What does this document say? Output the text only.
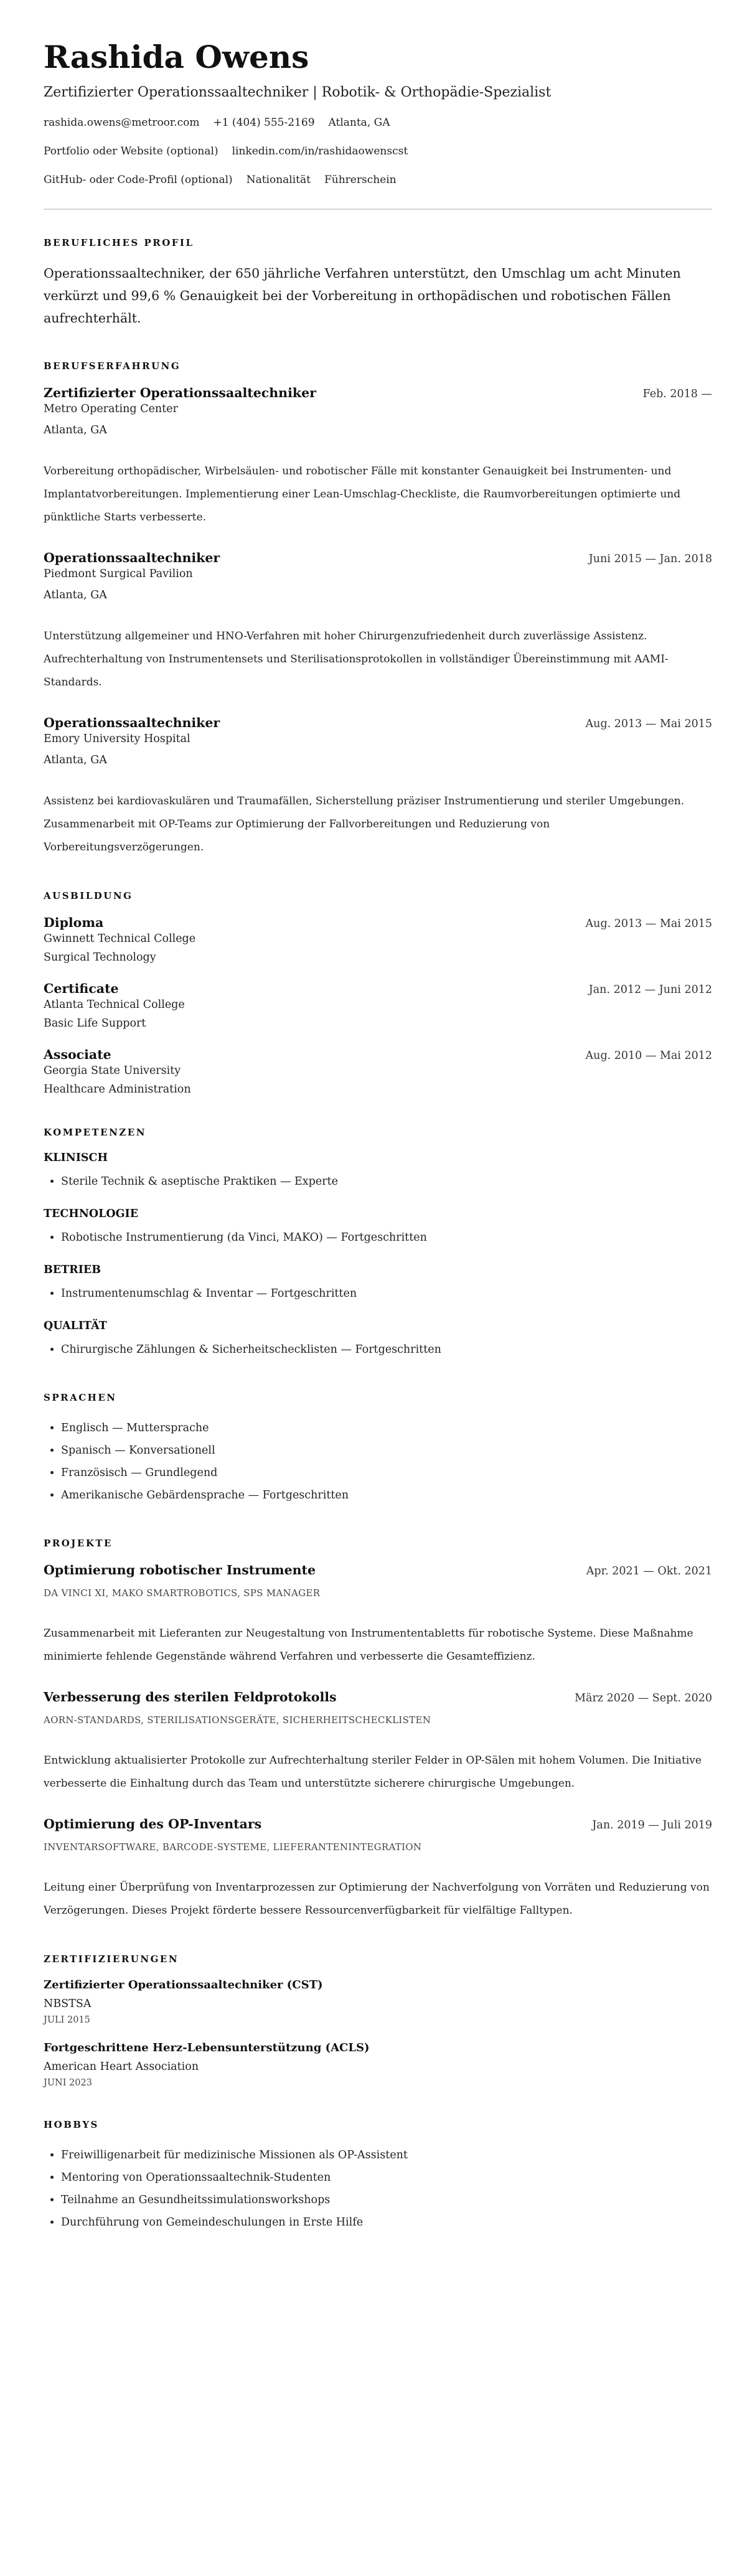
Rashida Owens
Zertifizierter Operationssaaltechniker | Robotik- & Orthopädie-Spezialist
rashida.owens@metroor.com +1 (404) 555-2169 Atlanta, GA
Portfolio oder Website (optional) linkedin.com/in/rashidaowenscst
GitHub- oder Code-Profil (optional) Nationalität Führerschein
BERUFLICHES PROFIL
Operationssaaltechniker, der 650 jährliche Verfahren unterstützt, den Umschlag um acht Minuten verkürzt und 99,6 % Genauigkeit bei der Vorbereitung in orthopädischen und robotischen Fällen aufrechterhält.
BERUFSERFAHRUNG
Zertifizierter Operationssaaltechniker	Feb. 2018 —
Metro Operating Center
Atlanta, GA
Vorbereitung orthopädischer, Wirbelsäulen- und robotischer Fälle mit konstanter Genauigkeit bei Instrumenten- und Implantatvorbereitungen. Implementierung einer Lean-Umschlag-Checkliste, die Raumvorbereitungen optimierte und pünktliche Starts verbesserte.
Operationssaaltechniker	Juni 2015 — Jan. 2018
Piedmont Surgical Pavilion
Atlanta, GA
Unterstützung allgemeiner und HNO-Verfahren mit hoher Chirurgenzufriedenheit durch zuverlässige Assistenz. Aufrechterhaltung von Instrumentensets und Sterilisationsprotokollen in vollständiger Übereinstimmung mit AAMI-Standards.
Operationssaaltechniker	Aug. 2013 — Mai 2015
Emory University Hospital
Atlanta, GA
Assistenz bei kardiovaskulären und Traumafällen, Sicherstellung präziser Instrumentierung und steriler Umgebungen. Zusammenarbeit mit OP-Teams zur Optimierung der Fallvorbereitungen und Reduzierung von Vorbereitungsverzögerungen.
AUSBILDUNG
Diploma	Aug. 2013 — Mai 2015
Gwinnett Technical College
Surgical Technology
Certificate	Jan. 2012 — Juni 2012
Atlanta Technical College
Basic Life Support
Associate	Aug. 2010 — Mai 2012
Georgia State University
Healthcare Administration
KOMPETENZEN
KLINISCH
• Sterile Technik & aseptische Praktiken — Experte
TECHNOLOGIE
• Robotische Instrumentierung (da Vinci, MAKO) — Fortgeschritten
BETRIEB
• Instrumentenumschlag & Inventar — Fortgeschritten
QUALITÄT
• Chirurgische Zählungen & Sicherheitschecklisten — Fortgeschritten
SPRACHEN
• Englisch — Muttersprache
• Spanisch — Konversationell
• Französisch — Grundlegend
• Amerikanische Gebärdensprache — Fortgeschritten
PROJEKTE
Optimierung robotischer Instrumente	Apr. 2021 — Okt. 2021
DA VINCI XI, MAKO SMARTROBOTICS, SPS MANAGER
Zusammenarbeit mit Lieferanten zur Neugestaltung von Instrumententabletts für robotische Systeme. Diese Maßnahme minimierte fehlende Gegenstände während Verfahren und verbesserte die Gesamteffizienz.
Verbesserung des sterilen Feldprotokolls	März 2020 — Sept. 2020
AORN-STANDARDS, STERILISATIONSGERÄTE, SICHERHEITSCHECKLISTEN
Entwicklung aktualisierter Protokolle zur Aufrechterhaltung steriler Felder in OP-Sälen mit hohem Volumen. Die Initiative verbesserte die Einhaltung durch das Team und unterstützte sicherere chirurgische Umgebungen.
Optimierung des OP-Inventars	Jan. 2019 — Juli 2019
INVENTARSOFTWARE, BARCODE-SYSTEME, LIEFERANTENINTEGRATION
Leitung einer Überprüfung von Inventarprozessen zur Optimierung der Nachverfolgung von Vorräten und Reduzierung von Verzögerungen. Dieses Projekt förderte bessere Ressourcenverfügbarkeit für vielfältige Falltypen.
ZERTIFIZIERUNGEN
Zertifizierter Operationssaaltechniker (CST)
NBSTSA
JULI 2015
Fortgeschrittene Herz-Lebensunterstützung (ACLS)
American Heart Association
JUNI 2023
HOBBYS
• Freiwilligenarbeit für medizinische Missionen als OP-Assistent
• Mentoring von Operationssaaltechnik-Studenten
• Teilnahme an Gesundheitssimulationsworkshops
• Durchführung von Gemeindeschulungen in Erste Hilfe
